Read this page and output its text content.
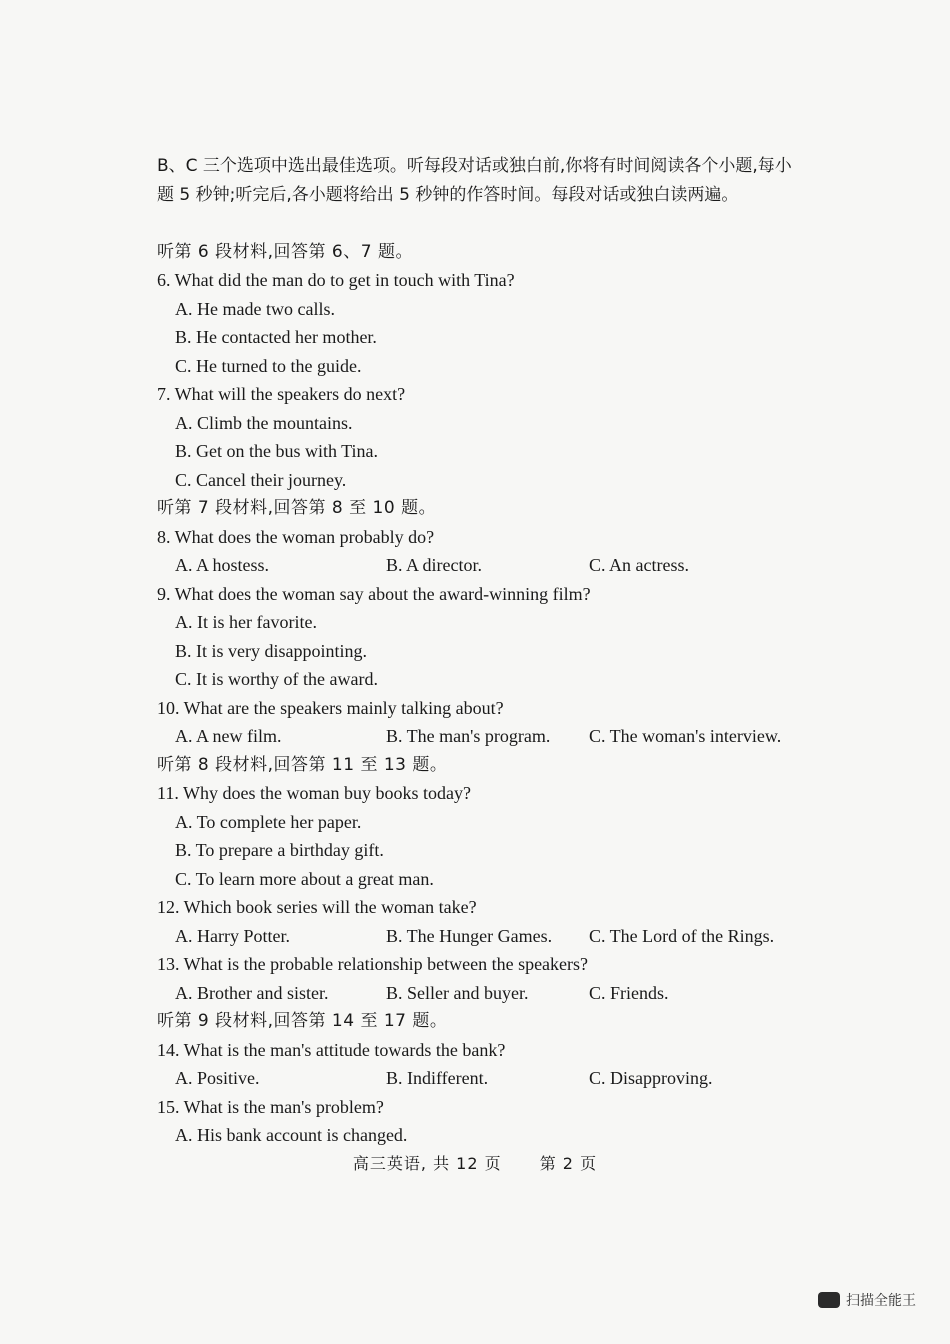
B、C 三个选项中选出最佳选项。听每段对话或独白前,你将有时间阅读各个小题,每小题 5 秒钟;听完后,各小题将给出 5 秒钟的作答时间。每段对话或独白读两遍。
听第 6 段材料,回答第 6、7 题。
6. What did the man do to get in touch with Tina?
A. He made two calls.
B. He contacted her mother.
C. He turned to the guide.
7. What will the speakers do next?
A. Climb the mountains.
B. Get on the bus with Tina.
C. Cancel their journey.
听第 7 段材料,回答第 8 至 10 题。
8. What does the woman probably do?
A. A hostess.	B. A director.	C. An actress.
9. What does the woman say about the award-winning film?
A. It is her favorite.
B. It is very disappointing.
C. It is worthy of the award.
10. What are the speakers mainly talking about?
A. A new film.	B. The man's program. C. The woman's interview.
听第 8 段材料,回答第 11 至 13 题。
11. Why does the woman buy books today?
A. To complete her paper.
B. To prepare a birthday gift.
C. To learn more about a great man.
12. Which book series will the woman take?
A. Harry Potter.	B. The Hunger Games. C. The Lord of the Rings.
13. What is the probable relationship between the speakers?
A. Brother and sister.	B. Seller and buyer.	C. Friends.
听第 9 段材料,回答第 14 至 17 题。
14. What is the man's attitude towards the bank?
A. Positive.	B. Indifferent.	C. Disapproving.
15. What is the man's problem?
A. His bank account is changed.
高三英语, 共 12 页 第 2 页
扫描全能王
